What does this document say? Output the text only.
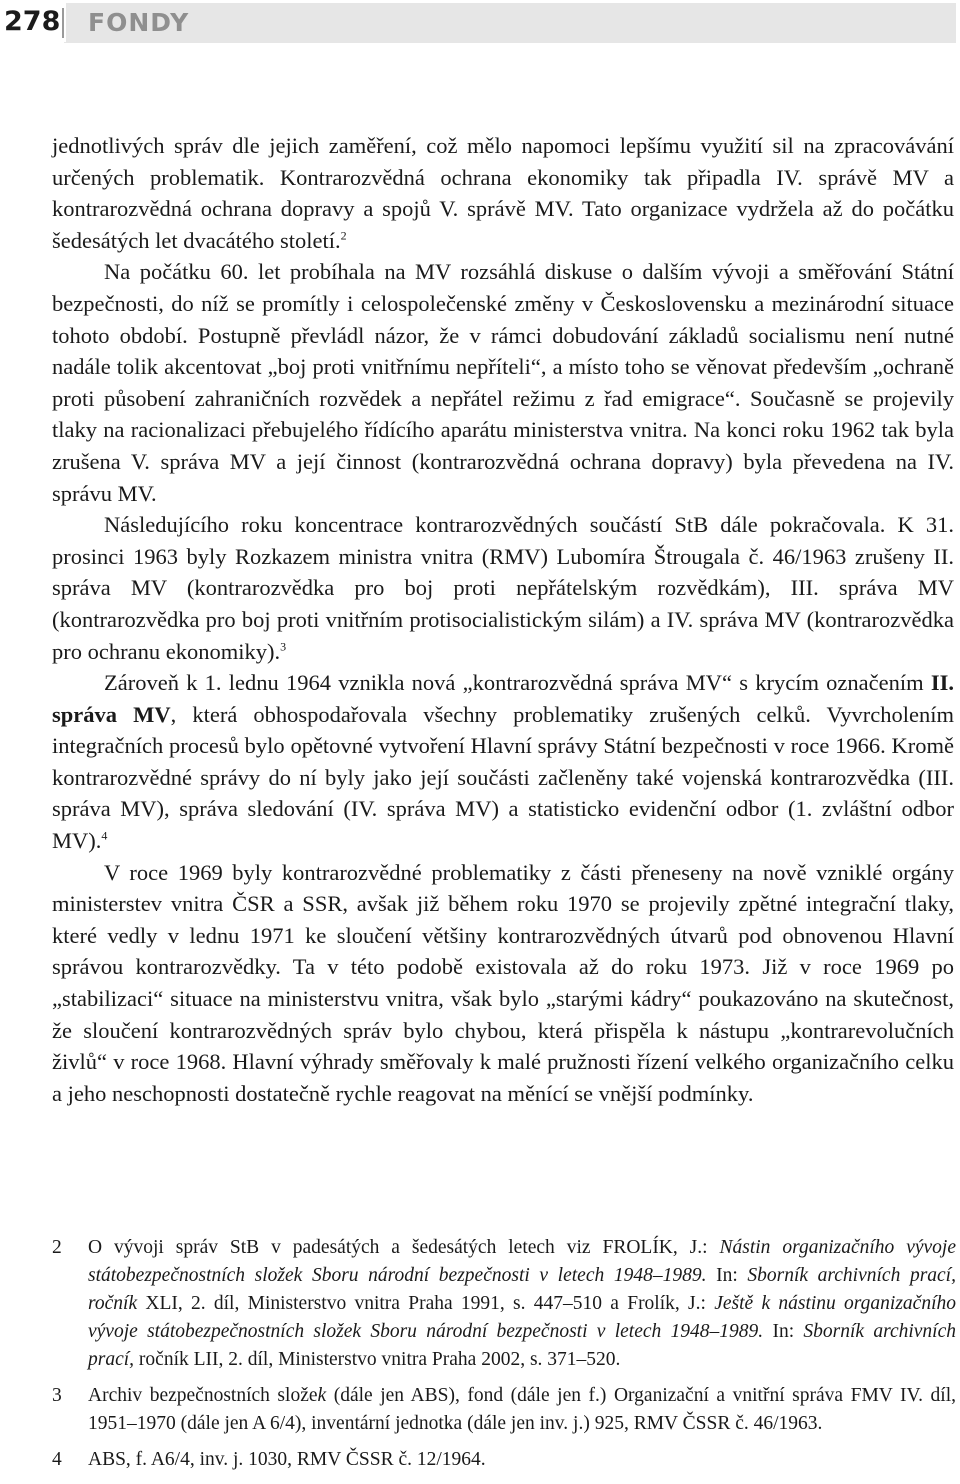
278 FONDY

jednotlivých správ dle jejich zaměření, což mělo napomoci lepšímu využití sil na zpracovávání určených problematik. Kontrarozvědná ochrana ekonomiky tak připadla IV. správě MV a kontrarozvědná ochrana dopravy a spojů V. správě MV. Tato organizace vydržela až do počátku šedesátých let dvacátého století.$^2$

Na počátku 60. let probíhala na MV rozsáhlá diskuse o dalším vývoji a směřování Státní bezpečnosti, do níž se promítly i celospolečenské změny v Československu a mezinárodní situace tohoto období. Postupně převládl názor, že v rámci dobudování základů socialismu není nutné nadále tolik akcentovat „boj proti vnitřnímu nepříteli“, a místo toho se věnovat především „ochraně proti působení zahraničních rozvědek a nepřátel režimu z řad emigrace“. Současně se projevily tlaky na racionalizaci přebujelého řídícího aparátu ministerstva vnitra. Na konci roku 1962 tak byla zrušena V. správa MV a její činnost (kontrarozvědná ochrana dopravy) byla převedena na IV. správu MV.

Následujícího roku koncentrace kontrarozvědných součástí StB dále pokračovala. K 31. prosinci 1963 byly Rozkazem ministra vnitra (RMV) Lubomíra Štrougala č. 46/1963 zrušeny II. správa MV (kontrarozvědka pro boj proti nepřátelským rozvědkám), III. správa MV (kontrarozvědka pro boj proti vnitřním protisocialistickým silám) a IV. správa MV (kontrarozvědka pro ochranu ekonomiky).$^3$

Zároveň k 1. lednu 1964 vznikla nová „kontrarozvědná správa MV“ s krycím označením II. správa MV, která obhospodařovala všechny problematiky zrušených celků. Vyvrcholením integračních procesů bylo opětovné vytvoření Hlavní správy Státní bezpečnosti v roce 1966. Kromě kontrarozvědné správy do ní byly jako její součásti začleněny také vojenská kontrarozvědka (III. správa MV), správa sledování (IV. správa MV) a statisticko evidenční odbor (1. zvláštní odbor MV).$^4$

V roce 1969 byly kontrarozvědné problematiky z části přeneseny na nově vzniklé orgány ministerstev vnitra ČSR a SSR, avšak již během roku 1970 se projevily zpětné integrační tlaky, které vedly v lednu 1971 ke sloučení většiny kontrarozvědných útvarů pod obnovenou Hlavní správou kontrarozvědky. Ta v této podobě existovala až do roku 1973. Již v roce 1969 po „stabilizaci“ situace na ministerstvu vnitra, však bylo „starými kádry“ poukazováno na skutečnost, že sloučení kontrarozvědných správ bylo chybou, která přispěla k nástupu „kontrarevolučních živlů“ v roce 1968. Hlavní výhrady směřovaly k malé pružnosti řízení velkého organizačního celku a jeho neschopnosti dostatečně rychle reagovat na měnící se vnější podmínky.

2	O vývoji správ StB v padesátých a šedesátých letech viz FROLÍK, J.: Nástin organizačního vývoje státobezpečnostních složek Sboru národní bezpečnosti v letech 1948–1989. In: Sborník archivních prací, ročník XLI, 2. díl, Ministerstvo vnitra Praha 1991, s. 447–510 a Frolík, J.: Ještě k nástinu organizačního vývoje státobezpečnostních složek Sboru národní bezpečnosti v letech 1948–1989. In: Sborník archivních prací, ročník LII, 2. díl, Ministerstvo vnitra Praha 2002, s. 371–520.
3	Archiv bezpečnostních složek (dále jen ABS), fond (dále jen f.) Organizační a vnitřní správa FMV IV. díl, 1951–1970 (dále jen A 6/4), inventární jednotka (dále jen inv. j.) 925, RMV ČSSR č. 46/1963.
4	ABS, f. A6/4, inv. j. 1030, RMV ČSSR č. 12/1964.
